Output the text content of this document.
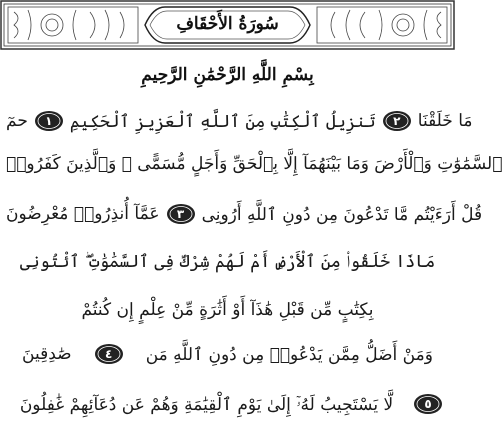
سُورَةُ الأَحْقَافِ
بِسْمِ اللَّهِ الرَّحْمَٰنِ الرَّحِيمِ
حمٓ ١ تَنزِيلُ ٱلْكِتَٰبِ مِنَ ٱللَّهِ ٱلْعَزِيزِ ٱلْحَكِيمِ ٢ مَا خَلَقْنَا
ٱلسَّمَٰوَٰتِ وَٱلْأَرْضَ وَمَا بَيْنَهُمَآ إِلَّا بِٱلْحَقِّ وَأَجَلٍ مُّسَمًّى ۚ وَٱلَّذِينَ كَفَرُوا۟
عَمَّآ أُنذِرُوا۟ مُعْرِضُونَ ٣ قُلْ أَرَءَيْتُم مَّا تَدْعُونَ مِن دُونِ ٱللَّهِ أَرُونِى
مَاذَا خَلَقُوا۟ مِنَ ٱلْأَرْضِ أَمْ لَهُمْ شِرْكٌ فِى ٱلسَّمَٰوَٰتِ ۖ ٱئْتُونِى
بِكِتَٰبٍ مِّن قَبْلِ هَٰذَآ أَوْ أَثَٰرَةٍ مِّنْ عِلْمٍ إِن كُنتُمْ
صَٰدِقِينَ	٤	وَمَنْ أَضَلُّ مِمَّن يَدْعُوا۟ مِن دُونِ ٱللَّهِ مَن
لَّا يَسْتَجِيبُ لَهُۥٓ إِلَىٰ يَوْمِ ٱلْقِيَٰمَةِ وَهُمْ عَن دُعَآئِهِمْ غَٰفِلُونَ	٥
